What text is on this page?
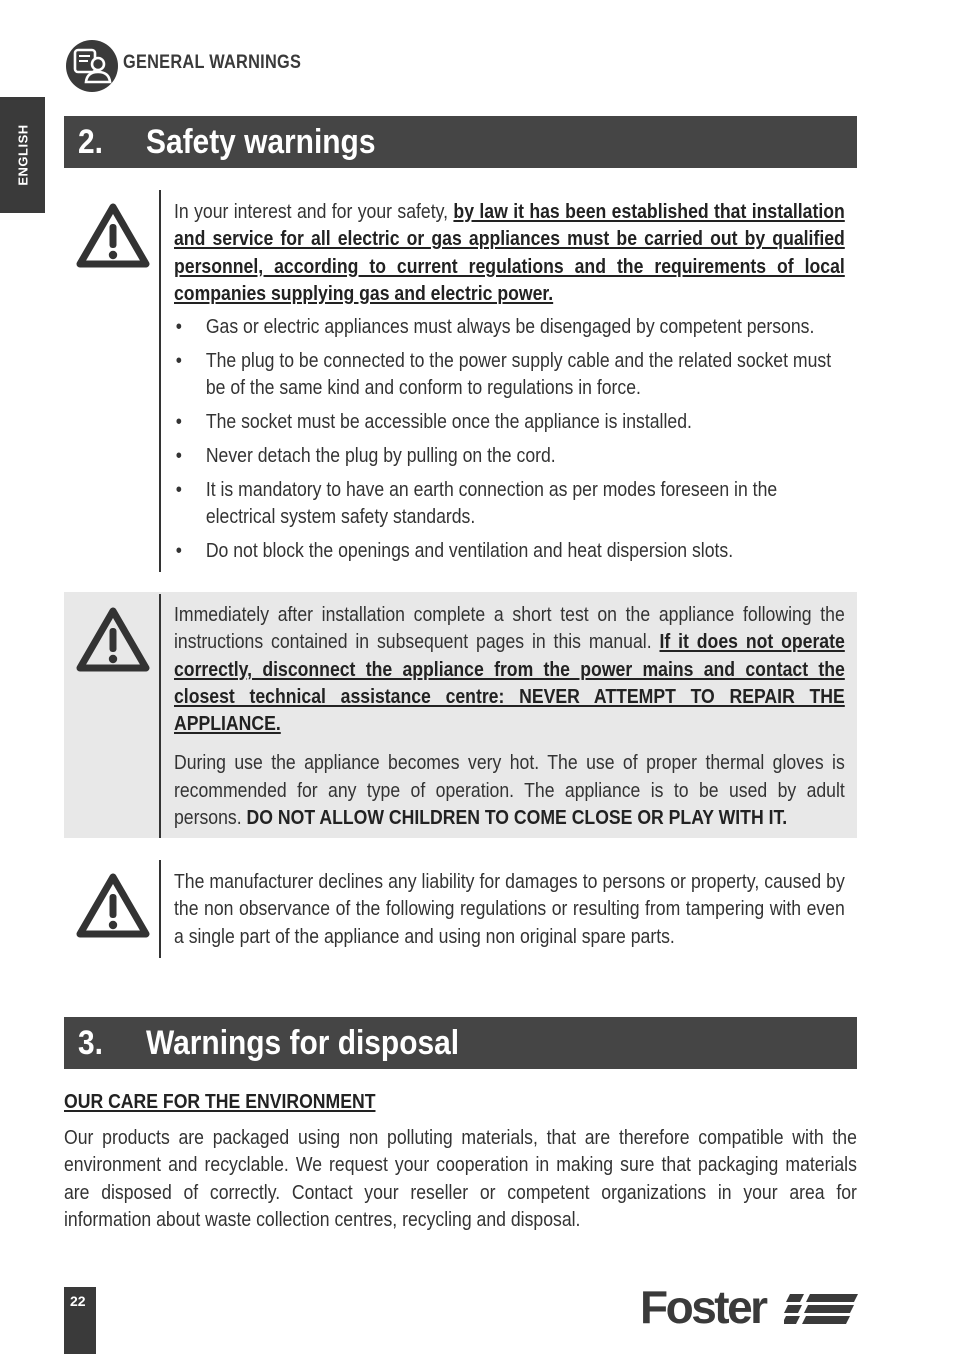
ENGLISH
GENERAL WARNINGS
2. Safety warnings

In your interest and for your safety, by law it has been established that installation and service for all electric or gas appliances must be carried out by qualified personnel, according to current regulations and the requirements of local companies supplying gas and electric power.

• Gas or electric appliances must always be disengaged by competent persons.
• The plug to be connected to the power supply cable and the related socket must be of the same kind and conform to regulations in force.
• The socket must be accessible once the appliance is installed.
• Never detach the plug by pulling on the cord.
• It is mandatory to have an earth connection as per modes foreseen in the electrical system safety standards.
• Do not block the openings and ventilation and heat dispersion slots.

Immediately after installation complete a short test on the appliance following the instructions contained in subsequent pages in this manual. If it does not operate correctly, disconnect the appliance from the power mains and contact the closest technical assistance centre: NEVER ATTEMPT TO REPAIR THE APPLIANCE.

During use the appliance becomes very hot. The use of proper thermal gloves is recommended for any type of operation. The appliance is to be used by adult persons. DO NOT ALLOW CHILDREN TO COME CLOSE OR PLAY WITH IT.

The manufacturer declines any liability for damages to persons or property, caused by the non observance of the following regulations or resulting from tampering with even a single part of the appliance and using non original spare parts.

3. Warnings for disposal
OUR CARE FOR THE ENVIRONMENT
Our products are packaged using non polluting materials, that are therefore compatible with the environment and recyclable. We request your cooperation in making sure that packaging materials are disposed of correctly. Contact your reseller or competent organizations in your area for information about waste collection centres, recycling and disposal.
22	Foster
